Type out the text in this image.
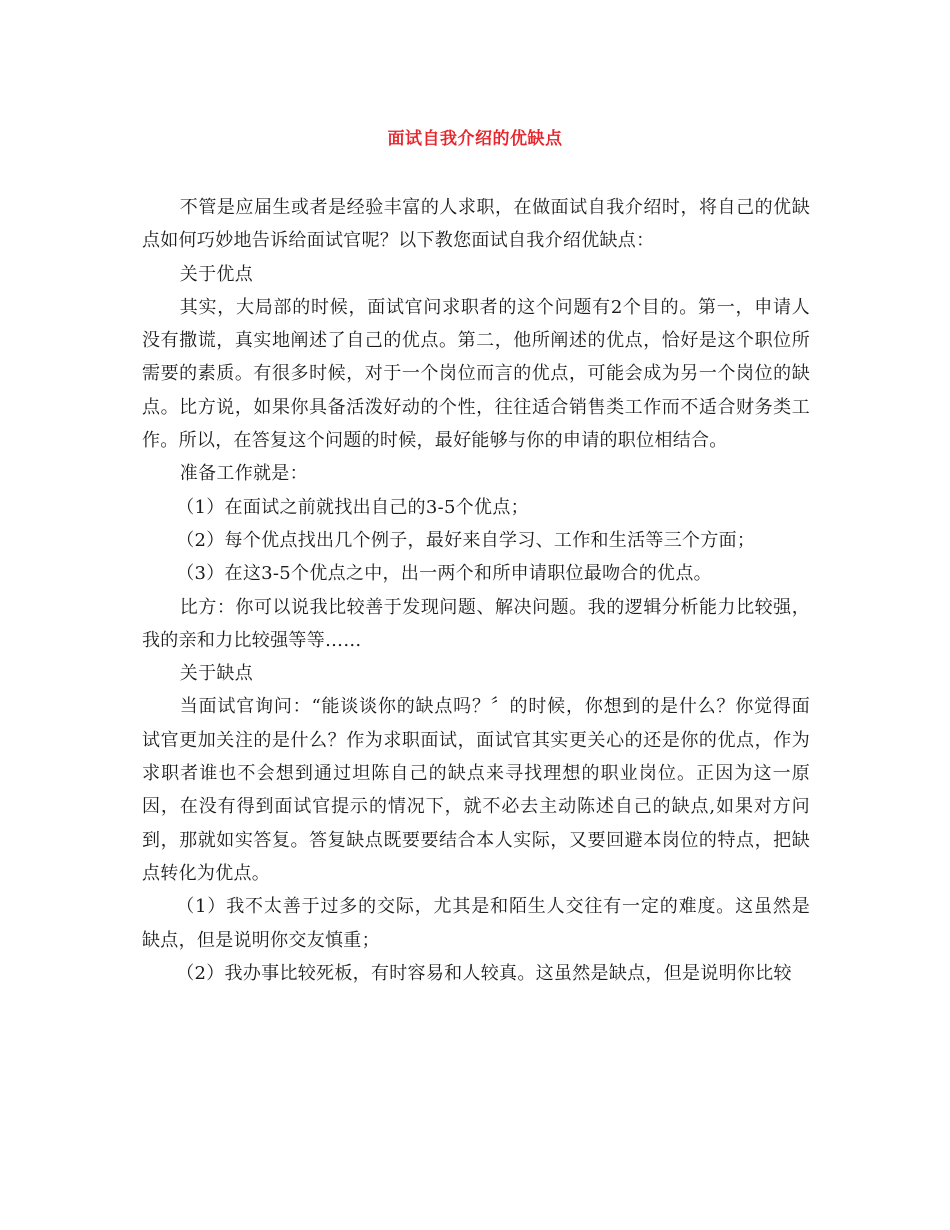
面试自我介绍的优缺点

不管是应届生或者是经验丰富的人求职，在做面试自我介绍时，将自己的优缺点如何巧妙地告诉给面试官呢？以下教您面试自我介绍优缺点：

关于优点

其实，大局部的时候，面试官问求职者的这个问题有2个目的。第一，申请人没有撒谎，真实地阐述了自己的优点。第二，他所阐述的优点，恰好是这个职位所需要的素质。有很多时候，对于一个岗位而言的优点，可能会成为另一个岗位的缺点。比方说，如果你具备活泼好动的个性，往往适合销售类工作而不适合财务类工作。所以，在答复这个问题的时候，最好能够与你的申请的职位相结合。

准备工作就是：

（1）在面试之前就找出自己的3-5个优点；

（2）每个优点找出几个例子，最好来自学习、工作和生活等三个方面；

（3）在这3-5个优点之中，出一两个和所申请职位最吻合的优点。

比方：你可以说我比较善于发现问题、解决问题。我的逻辑分析能力比较强，我的亲和力比较强等等……

关于缺点

当面试官询问：“能谈谈你的缺点吗？〞的时候，你想到的是什么？你觉得面试官更加关注的是什么？作为求职面试，面试官其实更关心的还是你的优点，作为求职者谁也不会想到通过坦陈自己的缺点来寻找理想的职业岗位。正因为这一原因，在没有得到面试官提示的情况下，就不必去主动陈述自己的缺点,如果对方问到，那就如实答复。答复缺点既要要结合本人实际，又要回避本岗位的特点，把缺点转化为优点。

（1）我不太善于过多的交际，尤其是和陌生人交往有一定的难度。这虽然是缺点，但是说明你交友慎重；

（2）我办事比较死板，有时容易和人较真。这虽然是缺点，但是说明你比较
